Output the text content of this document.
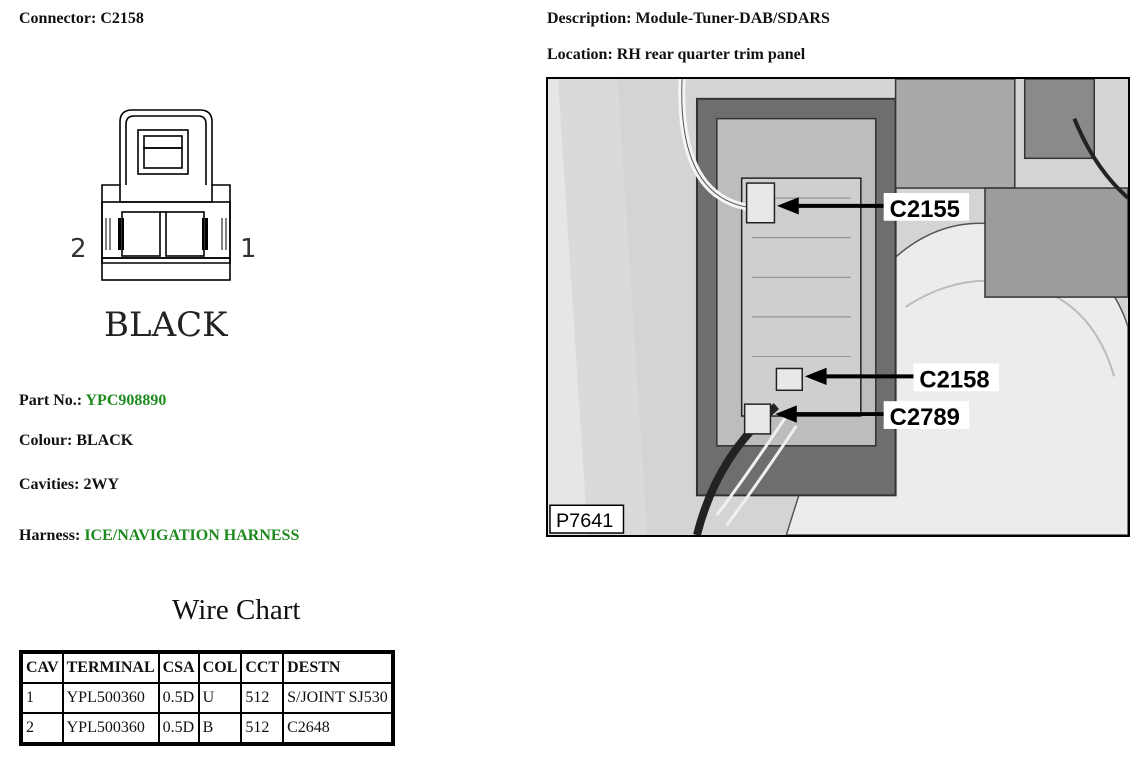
Connector: C2158	Description: Module-Tuner-DAB/SDARS
Location: RH rear quarter trim panel
2	1
BLACK
Part No.: YPC908890
Colour: BLACK
Cavities: 2WY
Harness: ICE/NAVIGATION HARNESS
C2155
C2158
C2789
P7641
Wire Chart
CAV	TERMINAL	CSA	COL	CCT	DESTN
1	YPL500360	0.5D	U	512	S/JOINT SJ530
2	YPL500360	0.5D	B	512	C2648
